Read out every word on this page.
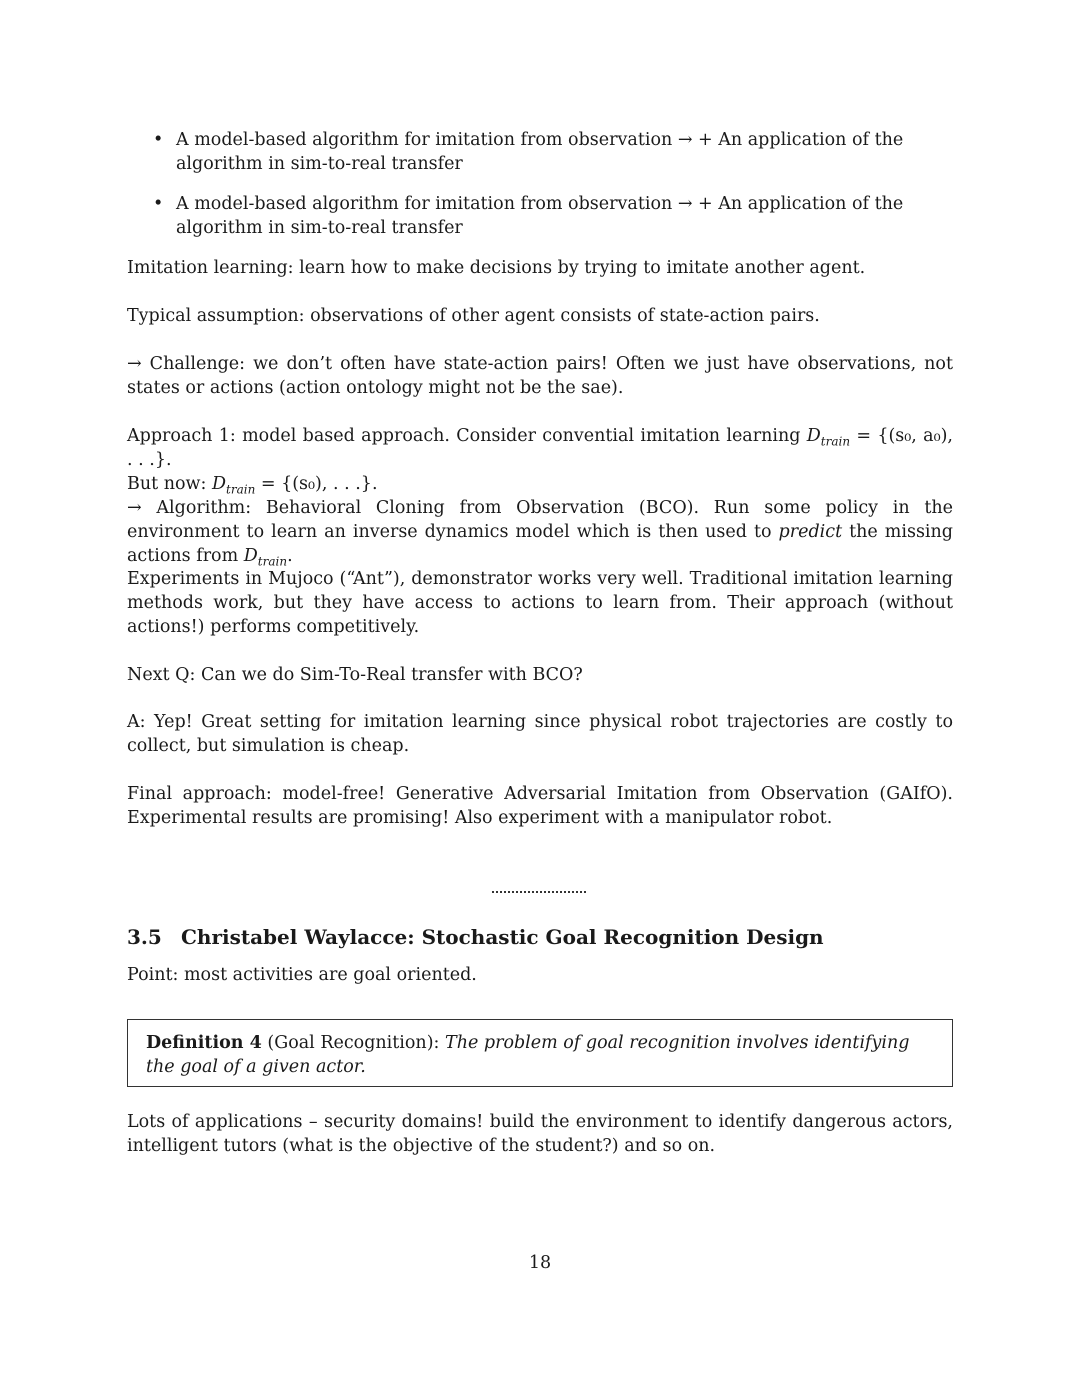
• A model-based algorithm for imitation from observation → + An application of the algorithm in sim-to-real transfer
• A model-based algorithm for imitation from observation → + An application of the algorithm in sim-to-real transfer
Imitation learning: learn how to make decisions by trying to imitate another agent.
Typical assumption: observations of other agent consists of state-action pairs.
→ Challenge: we don’t often have state-action pairs! Often we just have observations, not states or actions (action ontology might not be the sae).
Approach 1: model based approach. Consider convential imitation learning $D_{train} = \{(s_0$, a₀), . . .}.
But now: $D_{train} = \{(s_0)$, . . .}.
→ Algorithm: Behavioral Cloning from Observation (BCO). Run some policy in the environment to learn an inverse dynamics model which is then used to predict the missing actions from $D_{train}$.
Experiments in Mujoco (“Ant”), demonstrator works very well. Traditional imitation learning methods work, but they have access to actions to learn from. Their approach (without actions!) performs competitively.
Next Q: Can we do Sim-To-Real transfer with BCO?
A: Yep! Great setting for imitation learning since physical robot trajectories are costly to collect, but simulation is cheap.
Final approach: model-free! Generative Adversarial Imitation from Observation (GAIfO). Experimental results are promising! Also experiment with a manipulator robot.
3.5 Christabel Waylacce: Stochastic Goal Recognition Design
Point: most activities are goal oriented.
Definition 4 (Goal Recognition): The problem of goal recognition involves identifying the goal of a given actor.
Lots of applications – security domains! build the environment to identify dangerous actors, intelligent tutors (what is the objective of the student?) and so on.
18
